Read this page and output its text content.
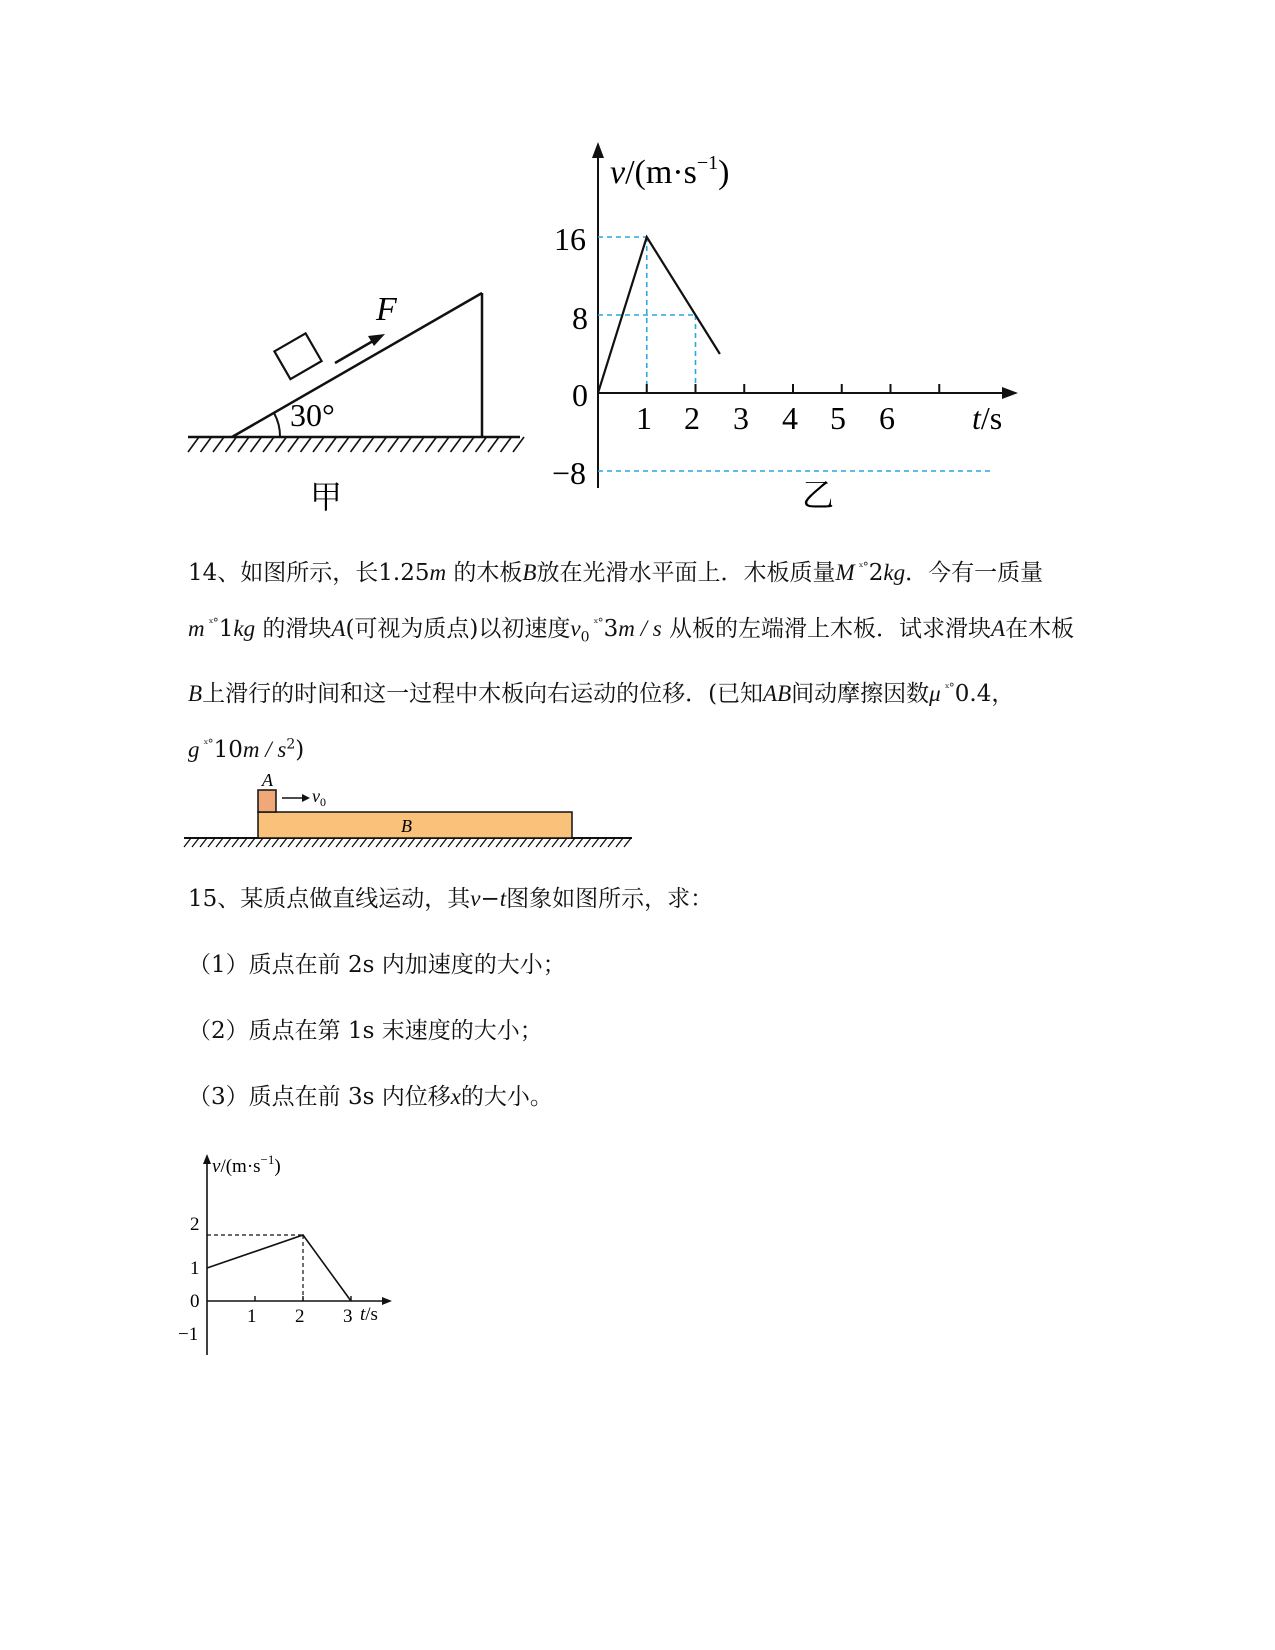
F
30°
甲
$v/(m\cdot s^{-1})$
16
8
0
−8
1 2 3 4 5 6 t/s
乙

14、如图所示，长1.25m 的木板B放在光滑水平面上．木板质量M $^{ˣ^\circ}$2kg．今有一质量m $^{ˣ^\circ}$1kg 的滑块A(可视为质点)以初速度$v_0^{ˣ^\circ}3m$ / s 从板的左端滑上木板．试求滑块A在木板B上滑行的时间和这一过程中木板向右运动的位移．(已知AB间动摩擦因数μ $^{ˣ^\circ}$0.4， g $^{ˣ^\circ}10m / s^2$)

A
$v_0$
B

15、某质点做直线运动，其v−t图象如图所示，求：

（1）质点在前 2s 内加速度的大小；

（2）质点在第 1s 末速度的大小；

（3）质点在前 3s 内位移x的大小。

$v/(m\cdot s^{-1})$
2
1
0
−1
1 2 3 t/s
